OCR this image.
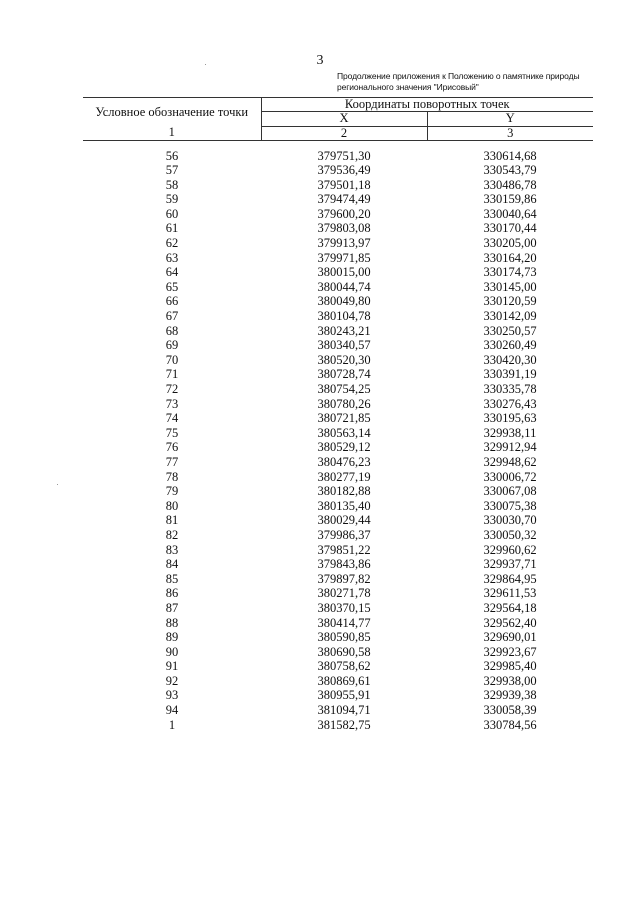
3
Продолжение приложения к Положению о памятнике природы
регионального значения "Ирисовый"
Условное обозначение точки	Координаты поворотных точек	
	X	Y
1	2	3
56	379751,30	330614,68
57	379536,49	330543,79
58	379501,18	330486,78
59	379474,49	330159,86
60	379600,20	330040,64
61	379803,08	330170,44
62	379913,97	330205,00
63	379971,85	330164,20
64	380015,00	330174,73
65	380044,74	330145,00
66	380049,80	330120,59
67	380104,78	330142,09
68	380243,21	330250,57
69	380340,57	330260,49
70	380520,30	330420,30
71	380728,74	330391,19
72	380754,25	330335,78
73	380780,26	330276,43
74	380721,85	330195,63
75	380563,14	329938,11
76	380529,12	329912,94
77	380476,23	329948,62
78	380277,19	330006,72
79	380182,88	330067,08
80	380135,40	330075,38
81	380029,44	330030,70
82	379986,37	330050,32
83	379851,22	329960,62
84	379843,86	329937,71
85	379897,82	329864,95
86	380271,78	329611,53
87	380370,15	329564,18
88	380414,77	329562,40
89	380590,85	329690,01
90	380690,58	329923,67
91	380758,62	329985,40
92	380869,61	329938,00
93	380955,91	329939,38
94	381094,71	330058,39
1	381582,75	330784,56
